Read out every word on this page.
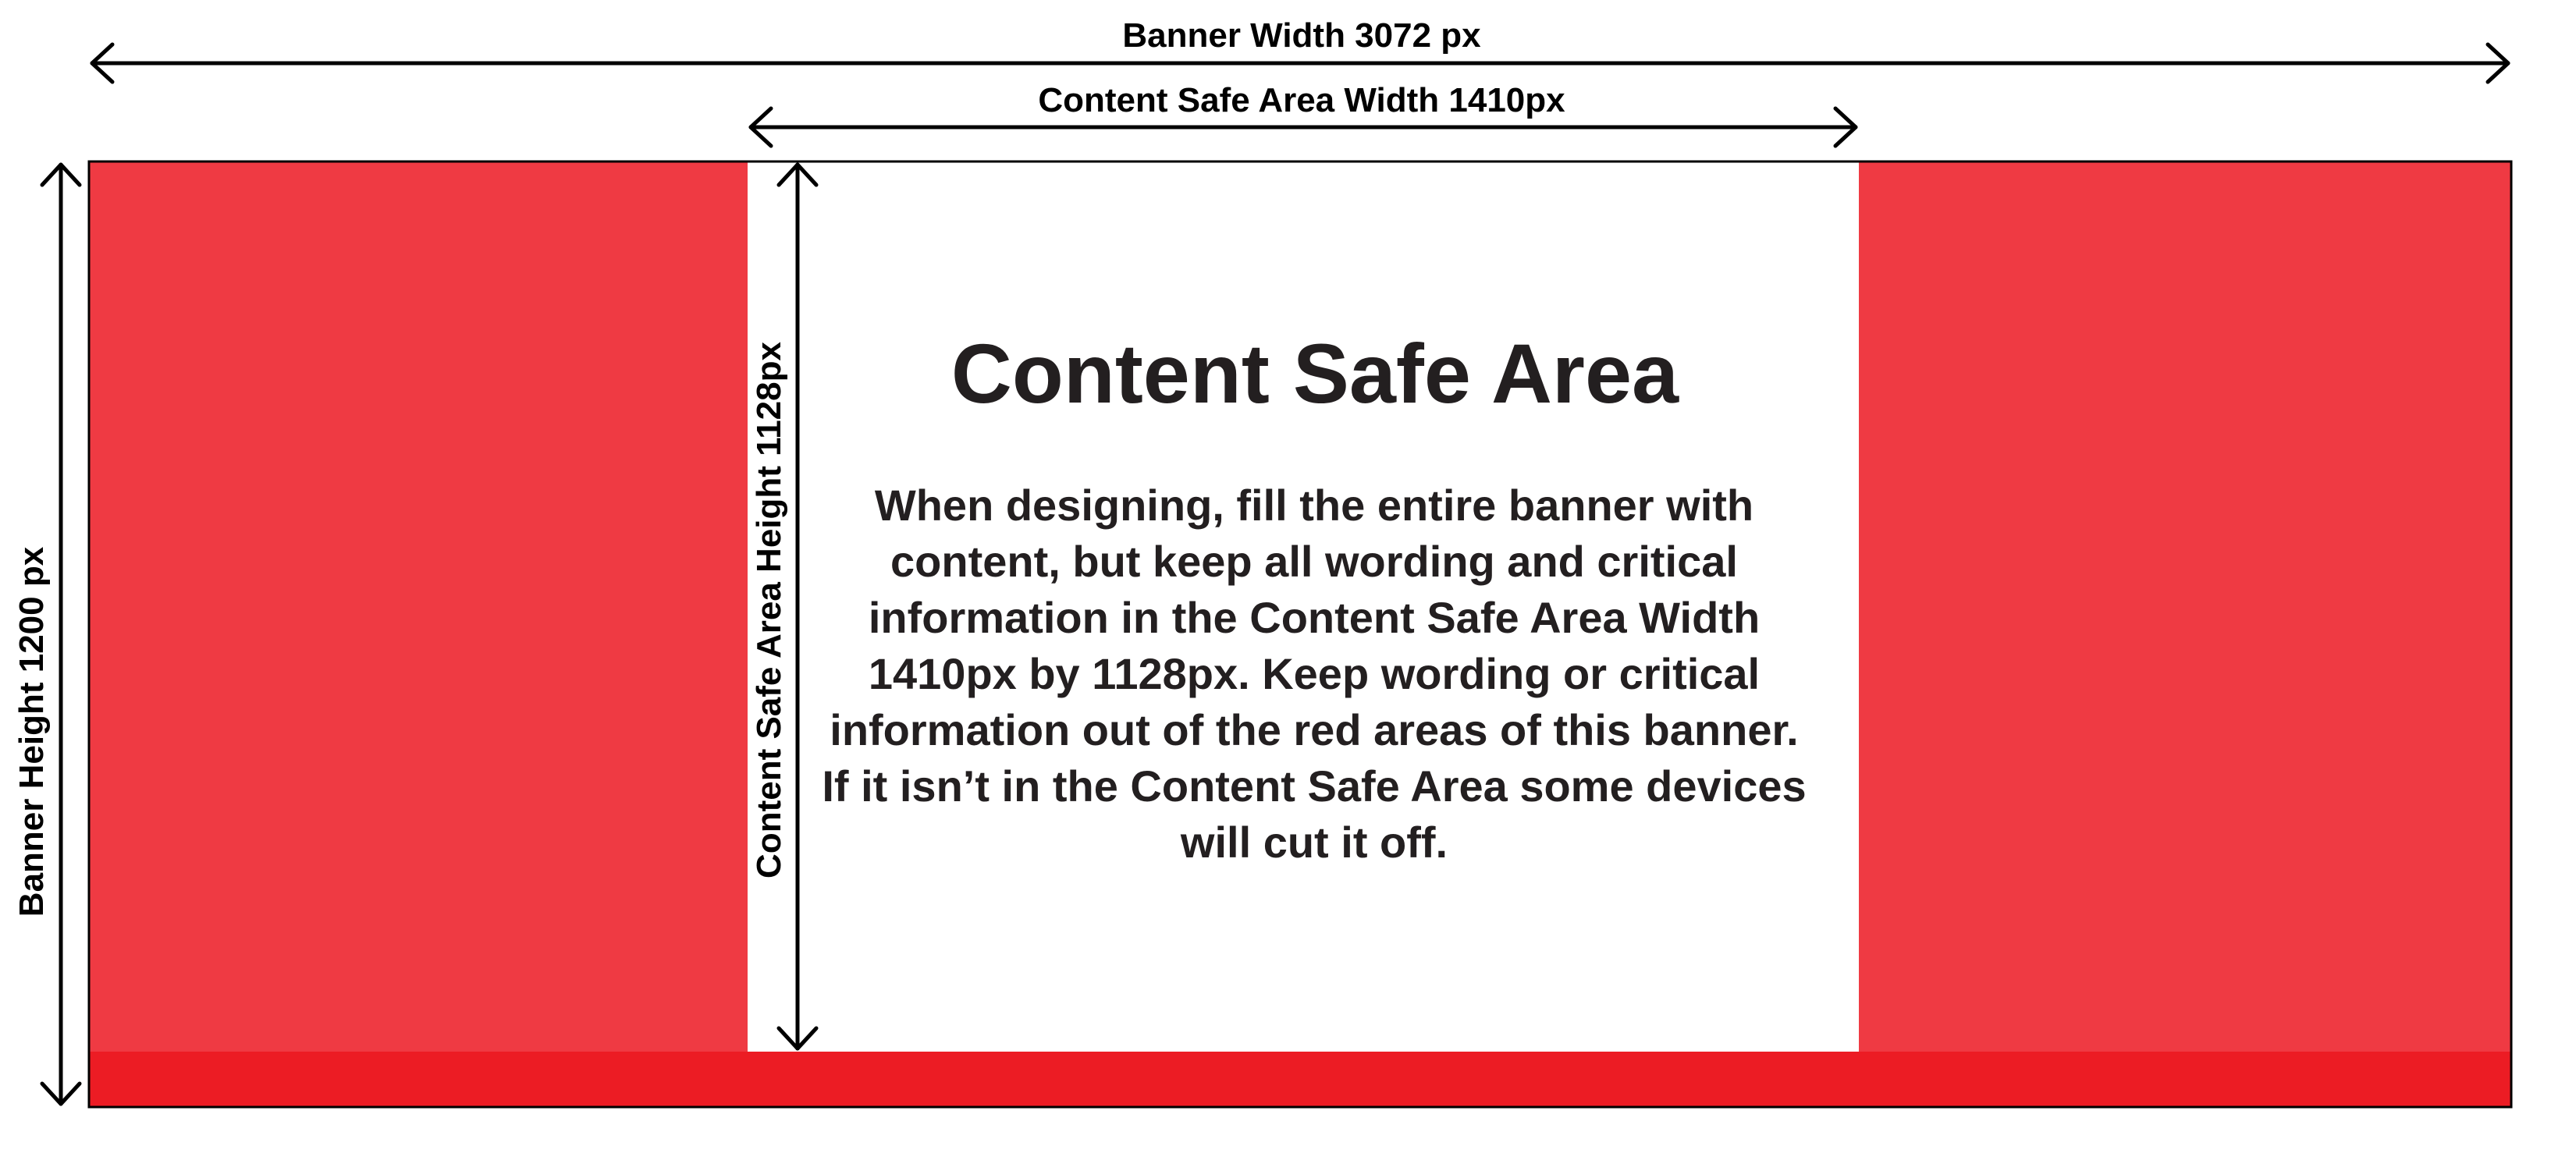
Banner Width 3072 px
Content Safe Area Width 1410px
Banner Height 1200 px	Content Safe Area Height 1128px	Content Safe Area

When designing, fill the entire banner with content, but keep all wording and critical information in the Content Safe Area Width 1410px by 1128px. Keep wording or critical information out of the red areas of this banner. If it isn’t in the Content Safe Area some devices will cut it off.
